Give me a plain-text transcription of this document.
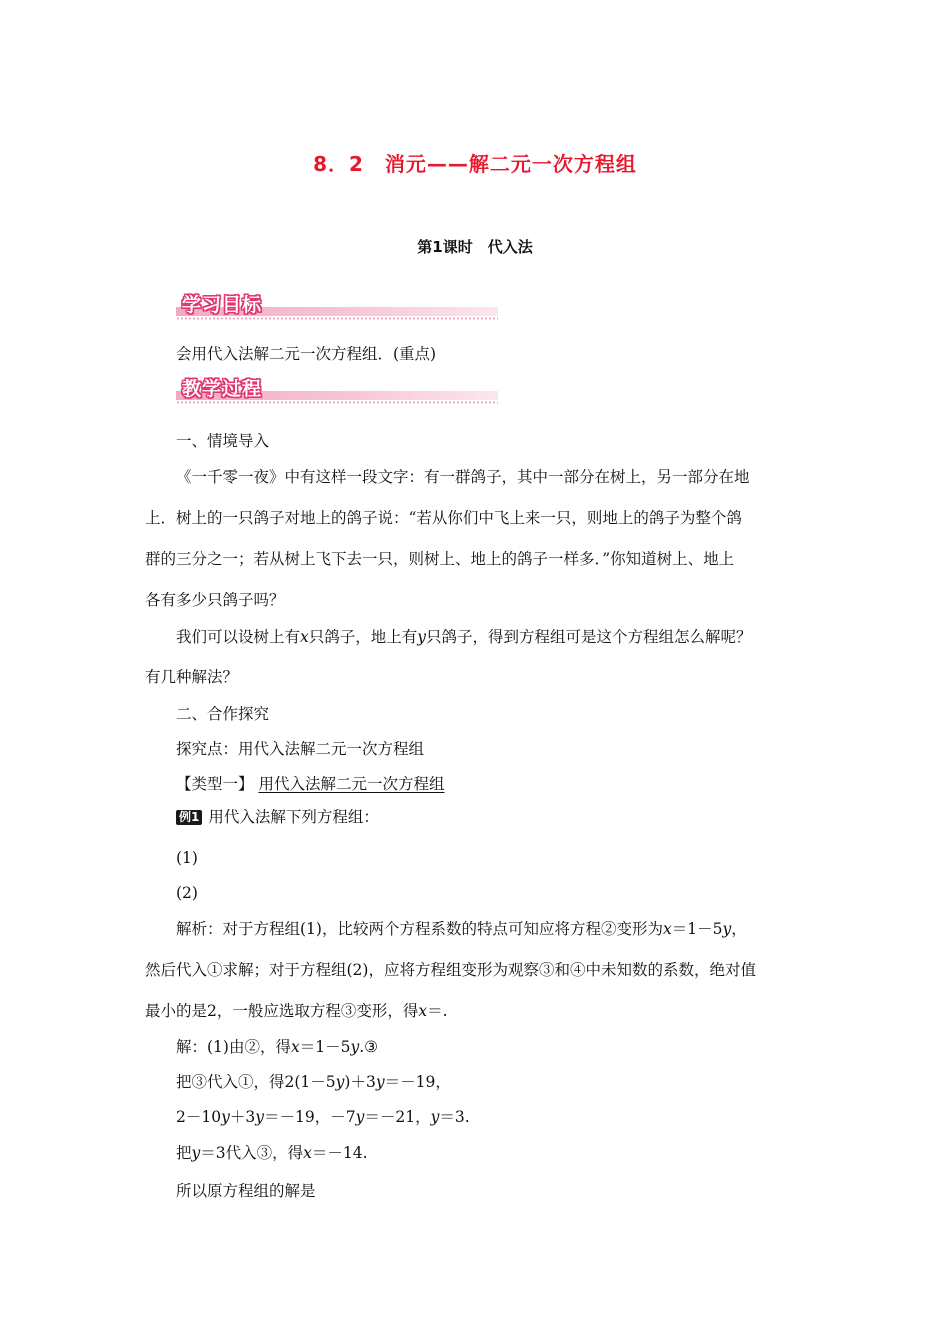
8．2　消元——解二元一次方程组
第1课时　代入法
学习目标
会用代入法解二元一次方程组．(重点)
教学过程
一、情境导入
《一千零一夜》中有这样一段文字：有一群鸽子，其中一部分在树上，另一部分在地
上．树上的一只鸽子对地上的鸽子说：“若从你们中飞上来一只，则地上的鸽子为整个鸽
群的三分之一；若从树上飞下去一只，则树上、地上的鸽子一样多．”你知道树上、地上
各有多少只鸽子吗？
我们可以设树上有x只鸽子，地上有y只鸽子，得到方程组可是这个方程组怎么解呢？
有几种解法？
二、合作探究
探究点：用代入法解二元一次方程组
【类型一】 用代入法解二元一次方程组
例1 用代入法解下列方程组：
(1)
(2)
解析：对于方程组(1)，比较两个方程系数的特点可知应将方程②变形为x＝1－5y，
然后代入①求解；对于方程组(2)，应将方程组变形为观察③和④中未知数的系数，绝对值
最小的是2，一般应选取方程③变形，得x＝.
解：(1)由②，得x＝1－5y.③
把③代入①，得2(1－5y)＋3y＝－19，
2－10y＋3y＝－19，－7y＝－21，y＝3.
把y＝3代入③，得x＝－14.
所以原方程组的解是
